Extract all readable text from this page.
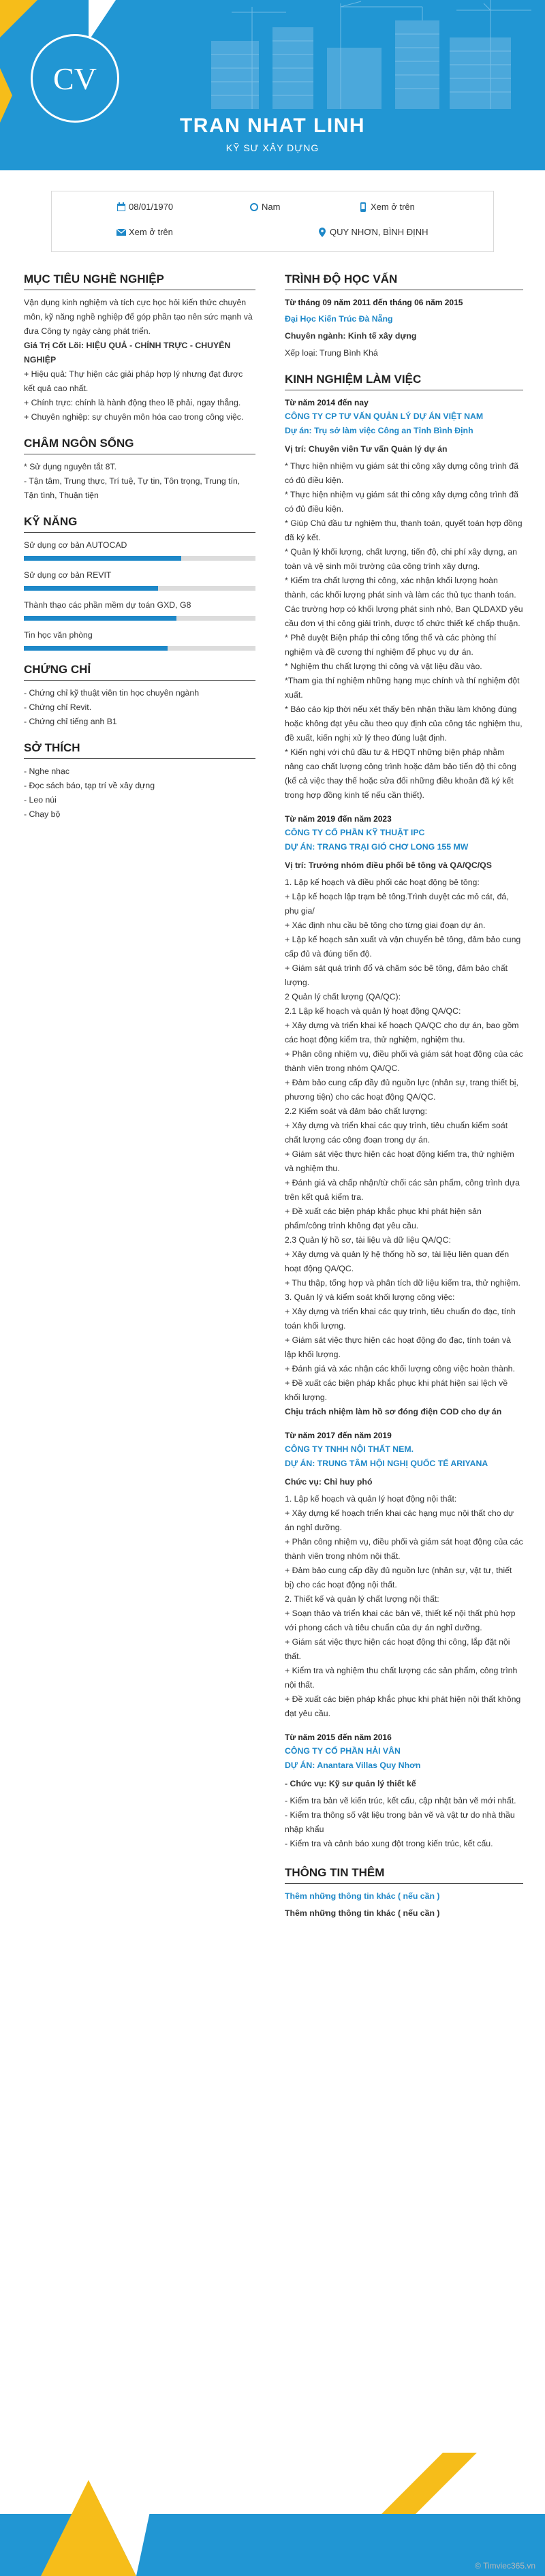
CV
TRAN NHAT LINH
KỸ SƯ XÂY DỰNG
08/01/1970	Nam	Xem ở trên
Xem ở trên	QUY NHƠN, BÌNH ĐỊNH
MỤC TIÊU NGHỀ NGHIỆP
Vận dụng kinh nghiệm và tích cực học hỏi kiến thức chuyên môn, kỹ năng nghề nghiệp để góp phần tạo nên sức mạnh và đưa Công ty ngày càng phát triển.
Giá Trị Cốt Lõi: HIỆU QUẢ - CHÍNH TRỰC - CHUYÊN NGHIỆP
+ Hiệu quả: Thự hiện các giải pháp hợp lý nhưng đạt được kết quả cao nhất.
+ Chính trực: chính là hành động theo lẽ phải, ngay thẳng.
+ Chuyên nghiệp: sự chuyên môn hóa cao trong công việc.
CHÂM NGÔN SỐNG
* Sử dụng nguyên tắt 8T.
- Tận tâm, Trung thực, Trí tuệ, Tự tin, Tôn trọng, Trung tín, Tận tình, Thuận tiện
KỸ NĂNG
Sử dụng cơ bản AUTOCAD
Sử dụng cơ bản REVIT
Thành thạo các phần mềm dự toán GXD, G8
Tin học văn phòng
CHỨNG CHỈ
- Chứng chỉ kỹ thuật viên tin học chuyên ngành
- Chứng chỉ Revit.
- Chứng chỉ tiếng anh B1
SỞ THÍCH
- Nghe nhạc
- Đọc sách báo, tạp trí về xây dựng
- Leo núi
- Chạy bộ
TRÌNH ĐỘ HỌC VẤN
Từ tháng 09 năm 2011 đến tháng 06 năm 2015
Đại Học Kiến Trúc Đà Nẵng
Chuyên ngành: Kinh tế xây dựng
Xếp loại: Trung Bình Khá
KINH NGHIỆM LÀM VIỆC
Từ năm 2014 đến nay
CÔNG TY CP TƯ VẤN QUẢN LÝ DỰ ÁN VIỆT NAM
Dự án: Trụ sở làm việc Công an Tỉnh Bình Định
Vị trí: Chuyên viên Tư vấn Quản lý dự án
* Thực hiện nhiệm vụ giám sát thi công xây dựng công trình đã có đủ điều kiện.
* Thực hiện nhiệm vụ giám sát thi công xây dựng công trình đã có đủ điều kiện.
* Giúp Chủ đầu tư nghiệm thu, thanh toán, quyết toán hợp đồng đã ký kết.
* Quản lý khối lượng, chất lượng, tiến độ, chi phí xây dựng, an toàn và vệ sinh môi trường của công trình xây dựng.
* Kiểm tra chất lượng thi công, xác nhận khối lượng hoàn thành, các khối lượng phát sinh và làm các thủ tục thanh toán. Các trường hợp có khối lượng phát sinh nhỏ, Ban QLDAXD yêu cầu đơn vị thi công giải trình, được tổ chức thiết kế chấp thuận.
* Phê duyệt Biện pháp thi công tổng thể và các phòng thí nghiệm và đề cương thí nghiệm để phục vụ dự án.
* Nghiệm thu chất lượng thi công và vật liệu đầu vào.
*Tham gia thí nghiệm những hạng mục chính và thí nghiệm đột xuất.
* Báo cáo kịp thời nếu xét thấy bên nhận thầu làm không đúng hoặc không đạt yêu cầu theo quy định của công tác nghiệm thu, đề xuất, kiến nghị xử lý theo đúng luật định.
* Kiến nghị với chủ đầu tư & HĐQT những biện pháp nhằm nâng cao chất lượng công trình hoặc đảm bảo tiến độ thi công (kể cả việc thay thế hoặc sửa đổi những điều khoản đã ký kết trong hợp đồng kinh tế nếu cần thiết).
Từ năm 2019 đến năm 2023
CÔNG TY CỔ PHẦN KỸ THUẬT IPC
DỰ ÁN: TRANG TRẠI GIÓ CHƠ LONG 155 MW
Vị trí: Trưởng nhóm điều phối bê tông và QA/QC/QS
1. Lập kế hoạch và điều phối các hoạt động bê tông:
+ Lập kế hoạch lập trạm bê tông.Trình duyệt các mỏ cát, đá, phụ gia/
+ Xác định nhu cầu bê tông cho từng giai đoạn dự án.
+ Lập kế hoạch sản xuất và vận chuyển bê tông, đảm bảo cung cấp đủ và đúng tiến độ.
+ Giám sát quá trình đổ và chăm sóc bê tông, đảm bảo chất lượng.
2 Quản lý chất lượng (QA/QC):
2.1 Lập kế hoạch và quản lý hoạt động QA/QC:
+ Xây dựng và triển khai kế hoạch QA/QC cho dự án, bao gồm các hoạt động kiểm tra, thử nghiệm, nghiệm thu.
+ Phân công nhiệm vụ, điều phối và giám sát hoạt động của các thành viên trong nhóm QA/QC.
+ Đảm bảo cung cấp đầy đủ nguồn lực (nhân sự, trang thiết bị, phương tiện) cho các hoạt động QA/QC.
2.2 Kiểm soát và đảm bảo chất lượng:
+ Xây dựng và triển khai các quy trình, tiêu chuẩn kiểm soát chất lượng các công đoạn trong dự án.
+ Giám sát việc thực hiện các hoạt động kiểm tra, thử nghiệm và nghiệm thu.
+ Đánh giá và chấp nhận/từ chối các sản phẩm, công trình dựa trên kết quả kiểm tra.
+ Đề xuất các biện pháp khắc phục khi phát hiện sản phẩm/công trình không đạt yêu cầu.
2.3 Quản lý hồ sơ, tài liệu và dữ liệu QA/QC:
+ Xây dựng và quản lý hệ thống hồ sơ, tài liệu liên quan đến hoạt động QA/QC.
+ Thu thập, tổng hợp và phân tích dữ liệu kiểm tra, thử nghiệm.
3. Quản lý và kiểm soát khối lượng công việc:
+ Xây dựng và triển khai các quy trình, tiêu chuẩn đo đạc, tính toán khối lượng.
+ Giám sát việc thực hiện các hoạt động đo đạc, tính toán và lập khối lượng.
+ Đánh giá và xác nhận các khối lượng công việc hoàn thành.
+ Đề xuất các biện pháp khắc phục khi phát hiện sai lệch về khối lượng.
Chịu trách nhiệm làm hồ sơ đóng điện COD cho dự án
Từ năm 2017 đến năm 2019
CÔNG TY TNHH NỘI THẤT NEM.
DỰ ÁN: TRUNG TÂM HỘI NGHỊ QUỐC TẾ ARIYANA
Chức vụ: Chỉ huy phó
1. Lập kế hoạch và quản lý hoạt động nội thất:
+ Xây dựng kế hoạch triển khai các hạng mục nội thất cho dự án nghỉ dưỡng.
+ Phân công nhiệm vụ, điều phối và giám sát hoạt động của các thành viên trong nhóm nội thất.
+ Đảm bảo cung cấp đầy đủ nguồn lực (nhân sự, vật tư, thiết bị) cho các hoạt động nội thất.
2. Thiết kế và quản lý chất lượng nội thất:
+ Soạn thảo và triển khai các bản vẽ, thiết kế nội thất phù hợp với phong cách và tiêu chuẩn của dự án nghỉ dưỡng.
+ Giám sát việc thực hiện các hoạt động thi công, lắp đặt nội thất.
+ Kiểm tra và nghiệm thu chất lượng các sản phẩm, công trình nội thất.
+ Đề xuất các biện pháp khắc phục khi phát hiện nội thất không đạt yêu cầu.
Từ năm 2015 đến năm 2016
CÔNG TY CỔ PHẦN HẢI VÂN
DỰ ÁN: Anantara Villas Quy Nhơn
- Chức vụ: Kỹ sư quản lý thiết kế
- Kiểm tra bản vẽ kiến trúc, kết cấu, cập nhật bản vẽ mới nhất.
- Kiểm tra thông số vật liệu trong bản vẽ và vật tư do nhà thầu nhập khẩu
- Kiểm tra và cảnh báo xung đột trong kiến trúc, kết cấu.
THÔNG TIN THÊM
Thêm những thông tin khác ( nếu cần )
Thêm những thông tin khác ( nếu cần )
© Timviec365.vn
